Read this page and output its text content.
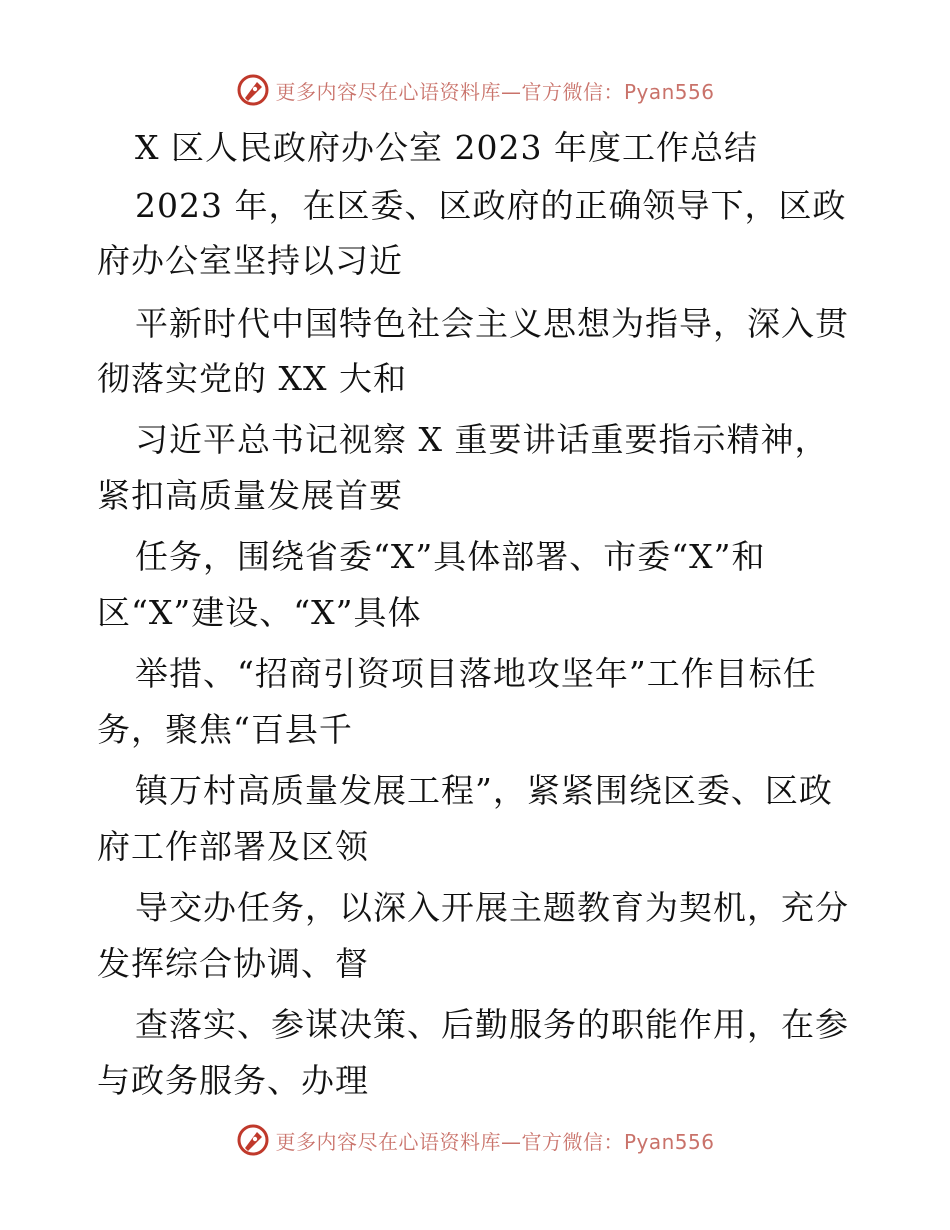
更多内容尽在心语资料库—官方微信：Pyan556
X 区人民政府办公室 2023 年度工作总结
2023 年，在区委、区政府的正确领导下，区政
府办公室坚持以习近
平新时代中国特色社会主义思想为指导，深入贯
彻落实党的 XX 大和
习近平总书记视察 X 重要讲话重要指示精神，
紧扣高质量发展首要
任务，围绕省委“X”具体部署、市委“X”和
区“X”建设、“X”具体
举措、“招商引资项目落地攻坚年”工作目标任
务，聚焦“百县千
镇万村高质量发展工程”，紧紧围绕区委、区政
府工作部署及区领
导交办任务，以深入开展主题教育为契机，充分
发挥综合协调、督
查落实、参谋决策、后勤服务的职能作用，在参
与政务服务、办理
更多内容尽在心语资料库—官方微信：Pyan556
